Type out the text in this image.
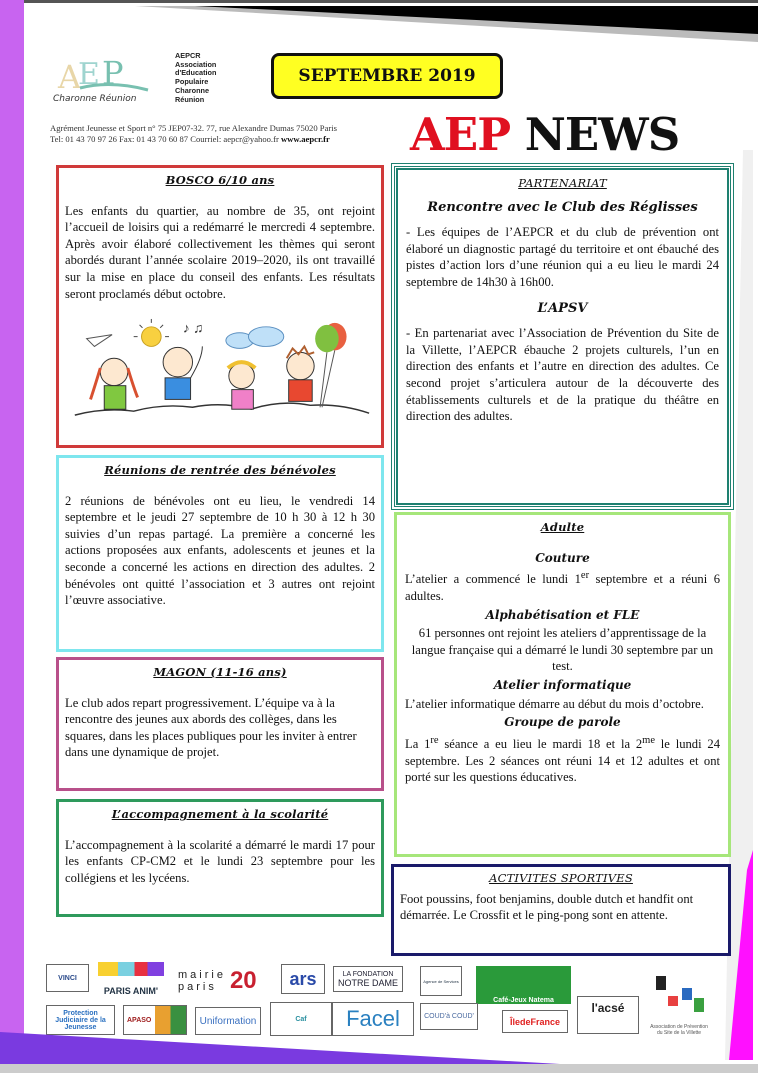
A
E P
Charonne Réunion
AEPCR
Association
d'Education
Populaire
Charonne
Réunion
SEPTEMBRE 2019
Agrément Jeunesse et Sport n° 75 JEP07-32. 77, rue Alexandre Dumas 75020 Paris
Tel: 01 43 70 97 26 Fax: 01 43 70 60 87 Courriel: aepcr@yahoo.fr www.aepcr.fr AEP NEWS
BOSCO 6/10 ans

Les enfants du quartier, au nombre de 35, ont rejoint l’accueil de loisirs qui a redémarré le mercredi 4 septembre. Après avoir élaboré collectivement les thèmes qui seront abordés durant l’année scolaire 2019–2020, ils ont travaillé sur la mise en place du conseil des enfants. Les résultats seront proclamés début octobre.

♪ ♫
Réunions de rentrée des bénévoles

2 réunions de bénévoles ont eu lieu, le vendredi 14 septembre et le jeudi 27 septembre de 10 h 30 à 12 h 30 suivies d’un repas partagé. La première a concerné les actions proposées aux enfants, adolescents et jeunes et la seconde a concerné les actions en direction des adultes. 2 bénévoles ont quitté l’association et 3 autres ont rejoint l’œuvre associative.

MAGON (11-16 ans)

Le club ados repart progressivement. L’équipe va à la rencontre des jeunes aux abords des collèges, dans les squares, dans les places publiques pour les inviter à entrer dans une dynamique de projet.

L’accompagnement à la scolarité

L’accompagnement à la scolarité a démarré le mardi 17 pour les enfants CP-CM2 et le lundi 23 septembre pour les collégiens et les lycéens.

PARTENARIAT
Rencontre avec le Club des Réglisses

- Les équipes de l’AEPCR et du club de prévention ont élaboré un diagnostic partagé du territoire et ont ébauché des pistes d’action lors d’une réunion qui a eu lieu le mardi 24 septembre de 14h30 à 16h00.

L’APSV

- En partenariat avec l’Association de Prévention du Site de la Villette, l’AEPCR ébauche 2 projets culturels, l’un en direction des enfants et l’autre en direction des adultes. Ce second projet s’articulera autour de la découverte des établissements culturels et de la pratique du théâtre en direction des adultes.

Adulte
Couture

L’atelier a commencé le lundi 1er septembre et a réuni 6 adultes.

Alphabétisation et FLE

61 personnes ont rejoint les ateliers d’apprentissage de la langue française qui a démarré le lundi 30 septembre par un test.

Atelier informatique

L’atelier informatique démarre au début du mois d’octobre.

Groupe de parole

La 1re séance a eu lieu le mardi 18 et la $2^{me}$ le lundi 24 septembre. Les 2 séances ont réuni 14 et 12 adultes et ont porté sur les questions éducatives.

ACTIVITES SPORTIVES

Foot poussins, foot benjamins, double dutch et handfit ont démarrée. Le Crossfit et le ping-pong sont en attente.

VINCI
PARIS ANIM'
mairie
paris 20	ars	LA FONDATION
NOTRE DAME	Agence de Services
Café-Jeux Natema
Protection Judiciaire de la Jeunesse
APASO	Uniformation	Caf	Facel	COUD'à COUD'	ÎledeFrance
l'acsé
Association de Prévention du Site de la Villette
